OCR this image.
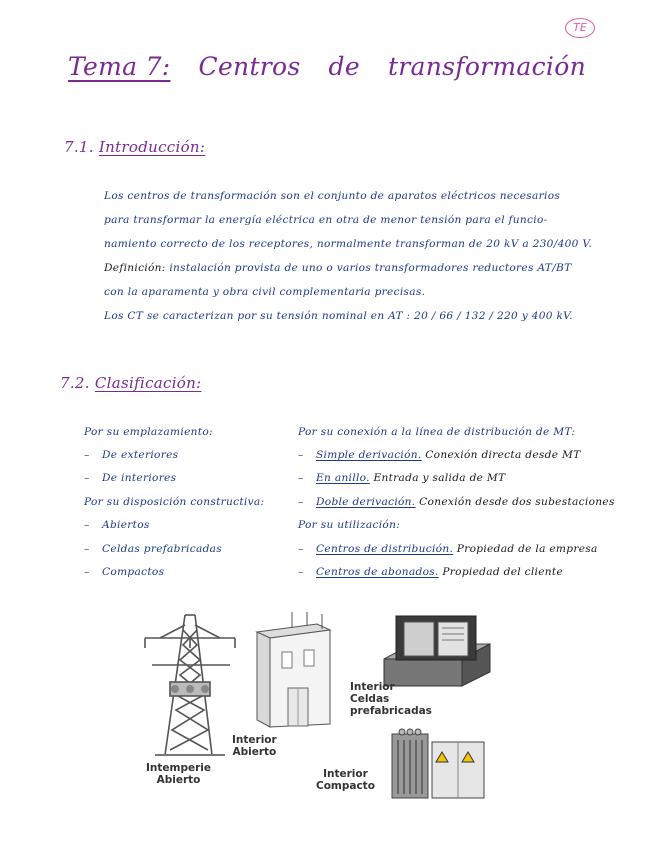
TE
Tema 7: Centros de transformación
7.1. Introducción:
Los centros de transformación son el conjunto de aparatos eléctricos necesarios
para transformar la energía eléctrica en otra de menor tensión para el funcio-
namiento correcto de los receptores, normalmente transforman de 20 kV a 230/400 V.
Definición: instalación provista de uno o varios transformadores reductores AT/BT
con la aparamenta y obra civil complementaria precisas.
Los CT se caracterizan por su tensión nominal en AT : 20 / 66 / 132 / 220 y 400 kV.
7.2. Clasificación:
Por su emplazamiento:
– De exteriores
– De interiores
Por su disposición constructiva:
– Abiertos
– Celdas prefabricadas
– Compactos
Por su conexión a la línea de distribución de MT:
– Simple derivación. Conexión directa desde MT
– En anillo. Entrada y salida de MT
– Doble derivación. Conexión desde dos subestaciones
Por su utilización:
– Centros de distribución. Propiedad de la empresa
– Centros de abonados. Propiedad del cliente
Intemperie
Abierto
Interior
Abierto
Interior
Celdas
prefabricadas
Interior
Compacto
